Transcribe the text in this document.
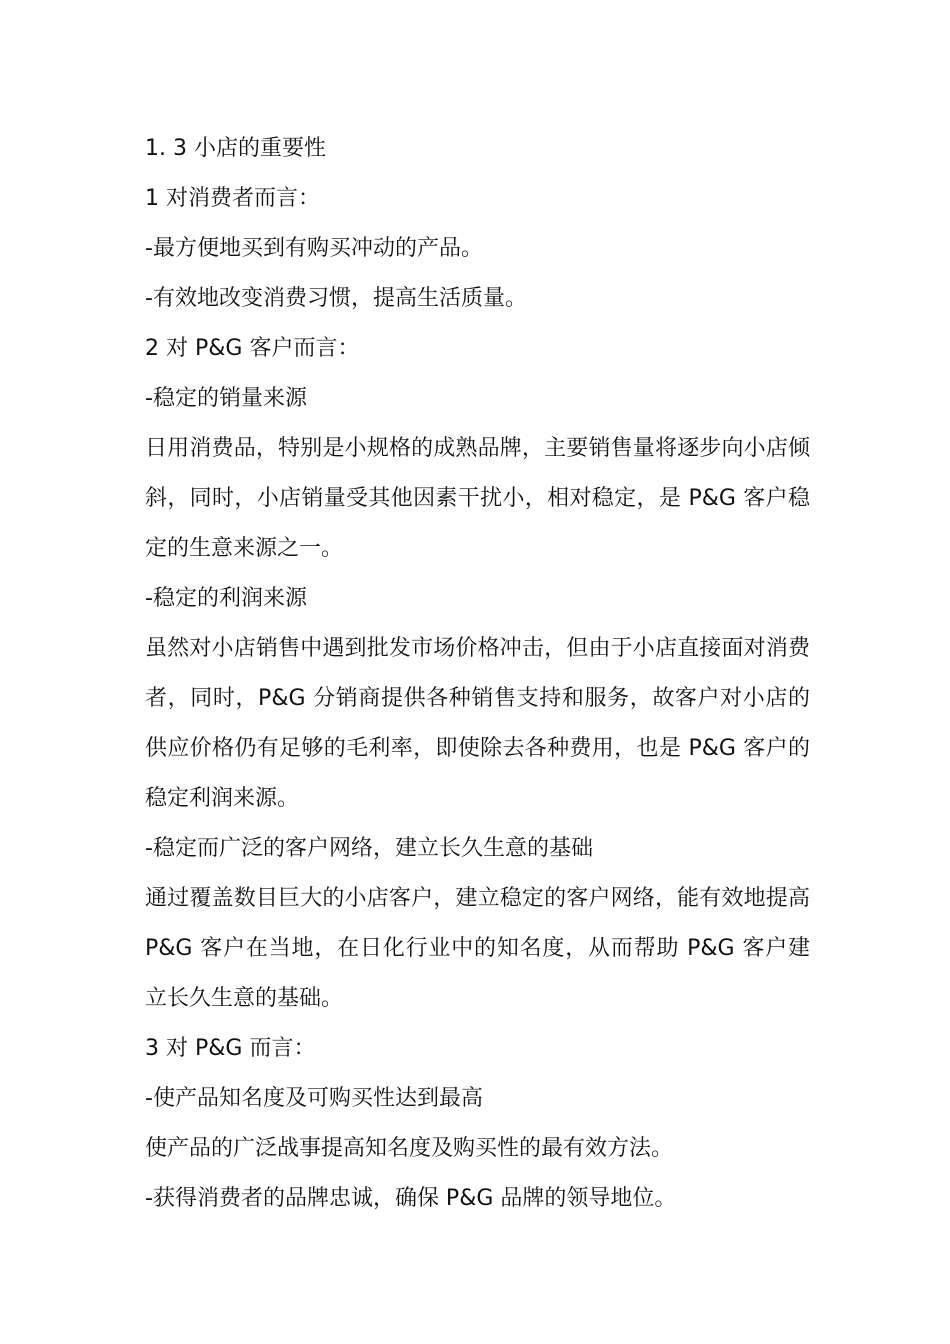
1. 3 小店的重要性

1 对消费者而言：

-最方便地买到有购买冲动的产品。

-有效地改变消费习惯，提高生活质量。

2 对 P&G 客户而言：

-稳定的销量来源

日用消费品，特别是小规格的成熟品牌，主要销售量将逐步向小店倾斜，同时，小店销量受其他因素干扰小，相对稳定，是 P&G 客户稳定的生意来源之一。

-稳定的利润来源

虽然对小店销售中遇到批发市场价格冲击，但由于小店直接面对消费者，同时，P&G 分销商提供各种销售支持和服务，故客户对小店的供应价格仍有足够的毛利率，即使除去各种费用，也是 P&G 客户的稳定利润来源。

-稳定而广泛的客户网络，建立长久生意的基础

通过覆盖数目巨大的小店客户，建立稳定的客户网络，能有效地提高 P&G 客户在当地，在日化行业中的知名度，从而帮助 P&G 客户建立长久生意的基础。

3 对 P&G 而言：

-使产品知名度及可购买性达到最高

使产品的广泛战事提高知名度及购买性的最有效方法。

-获得消费者的品牌忠诚，确保 P&G 品牌的领导地位。
